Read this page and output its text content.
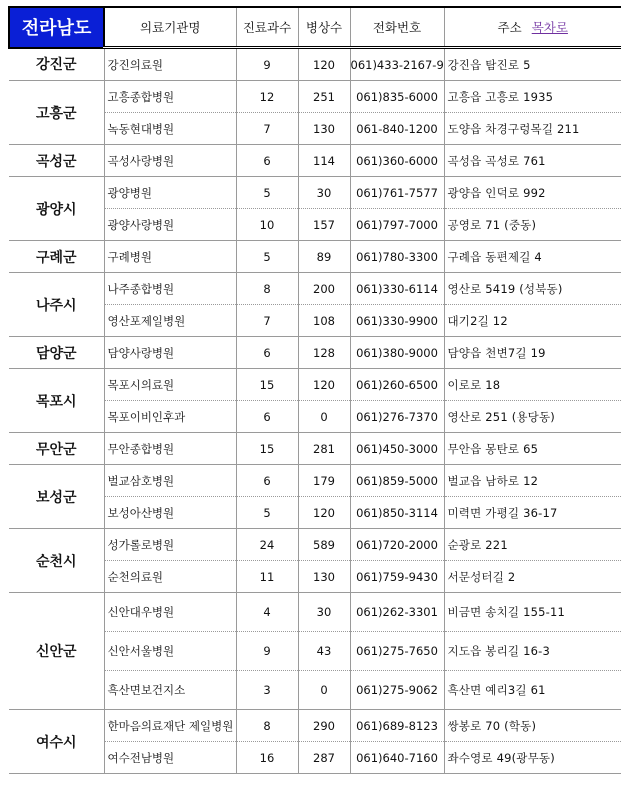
전라남도	의료기관명	진료과수	병상수	전화번호	주소 목차로
강진군	강진의료원	9	120	061)433-2167-9	강진읍 탐진로 5
고흥군	고흥종합병원	12	251	061)835-6000	고흥읍 고흥로 1935
	녹동현대병원	7	130	061-840-1200	도양읍 차경구렁목길 211
곡성군	곡성사랑병원	6	114	061)360-6000	곡성읍 곡성로 761
광양시	광양병원	5	30	061)761-7577	광양읍 인덕로 992
	광양사랑병원	10	157	061)797-7000	공영로 71 (중동)
구례군	구례병원	5	89	061)780-3300	구례읍 동편제길 4
나주시	나주종합병원	8	200	061)330-6114	영산로 5419 (성북동)
	영산포제일병원	7	108	061)330-9900	대기2길 12
담양군	담양사랑병원	6	128	061)380-9000	담양읍 천변7길 19
목포시	목포시의료원	15	120	061)260-6500	이로로 18
	목포이비인후과	6	0	061)276-7370	영산로 251 (용당동)
무안군	무안종합병원	15	281	061)450-3000	무안읍 몽탄로 65
보성군	벌교삼호병원	6	179	061)859-5000	벌교읍 남하로 12
	보성아산병원	5	120	061)850-3114	미력면 가평길 36-17
순천시	성가롤로병원	24	589	061)720-2000	순광로 221
	순천의료원	11	130	061)759-9430	서문성터길 2
신안군	신안대우병원	4	30	061)262-3301	비금면 송치길 155-11
	신안서울병원	9	43	061)275-7650	지도읍 봉리길 16-3
	흑산면보건지소	3	0	061)275-9062	흑산면 예리3길 61
여수시	한마음의료재단 제일병원	8	290	061)689-8123	쌍봉로 70 (학동)
	여수전남병원	16	287	061)640-7160	좌수영로 49(광무동)
